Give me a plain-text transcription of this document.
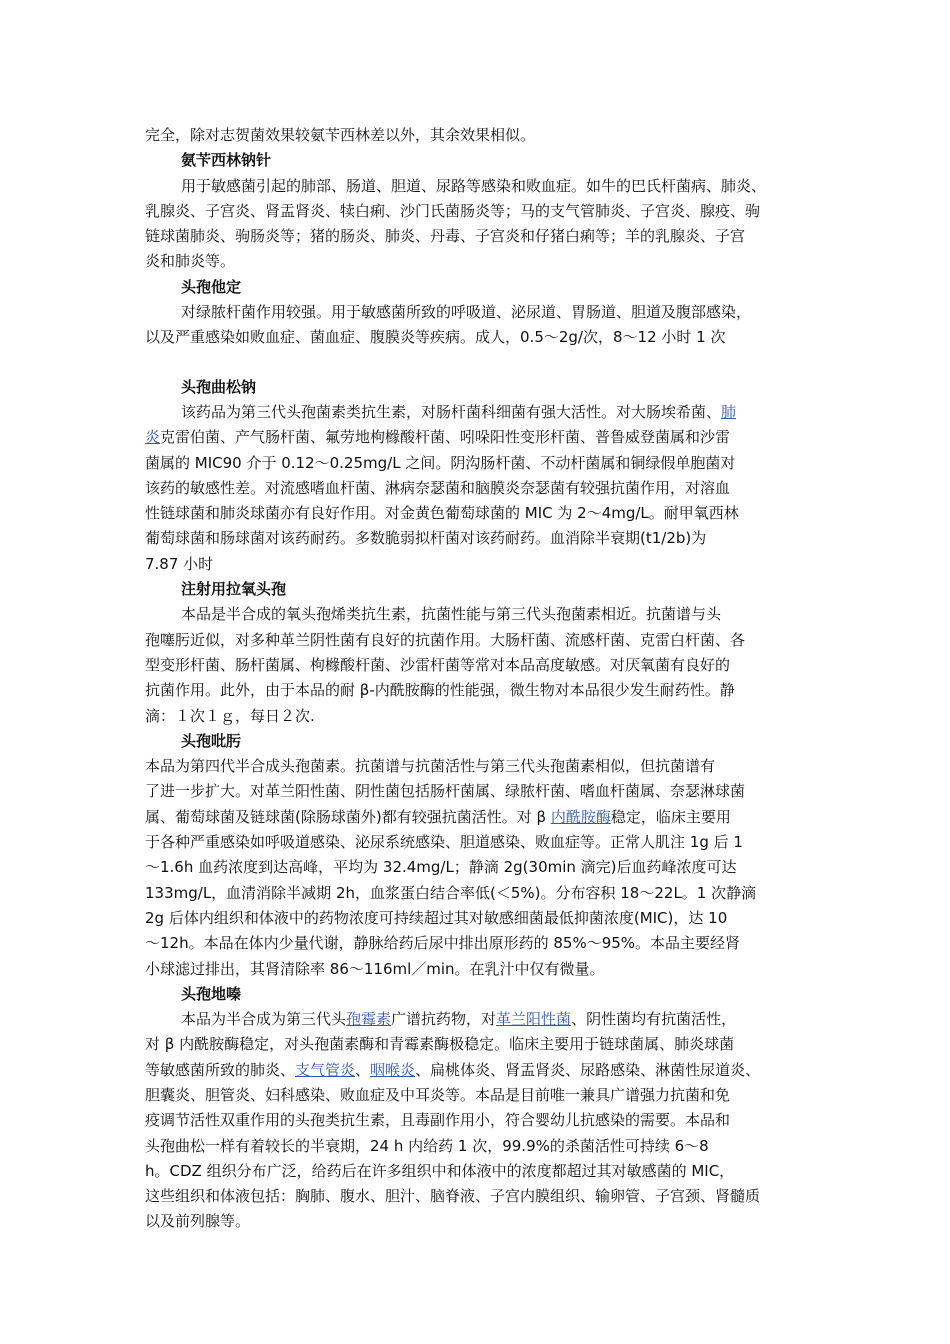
完全，除对志贺菌效果较氨苄西林差以外，其余效果相似。
氨苄西林钠针
用于敏感菌引起的肺部、肠道、胆道、尿路等感染和败血症。如牛的巴氏杆菌病、肺炎、
乳腺炎、子宫炎、肾盂肾炎、犊白痢、沙门氏菌肠炎等；马的支气管肺炎、子宫炎、腺疫、驹
链球菌肺炎、驹肠炎等；猪的肠炎、肺炎、丹毒、子宫炎和仔猪白痢等；羊的乳腺炎、子宫
炎和肺炎等。
头孢他定
对绿脓杆菌作用较强。用于敏感菌所致的呼吸道、泌尿道、胃肠道、胆道及腹部感染，
以及严重感染如败血症、菌血症、腹膜炎等疾病。成人，0.5～2g/次，8～12 小时 1 次
头孢曲松钠
该药品为第三代头孢菌素类抗生素，对肠杆菌科细菌有强大活性。对大肠埃希菌、肺
炎克雷伯菌、产气肠杆菌、氟劳地枸橼酸杆菌、吲哚阳性变形杆菌、普鲁威登菌属和沙雷
菌属的 MIC90 介于 0.12～0.25mg/L 之间。阴沟肠杆菌、不动杆菌属和铜绿假单胞菌对
该药的敏感性差。对流感嗜血杆菌、淋病奈瑟菌和脑膜炎奈瑟菌有较强抗菌作用，对溶血
性链球菌和肺炎球菌亦有良好作用。对金黄色葡萄球菌的 MIC 为 2～4mg/L。耐甲氧西林
葡萄球菌和肠球菌对该药耐药。多数脆弱拟杆菌对该药耐药。血消除半衰期(t1/2b)为
7.87 小时
注射用拉氧头孢
本品是半合成的氧头孢烯类抗生素，抗菌性能与第三代头孢菌素相近。抗菌谱与头
孢噻肟近似，对多种革兰阴性菌有良好的抗菌作用。大肠杆菌、流感杆菌、克雷白杆菌、各
型变形杆菌、肠杆菌属、枸橼酸杆菌、沙雷杆菌等常对本品高度敏感。对厌氧菌有良好的
抗菌作用。此外，由于本品的耐 β-内酰胺酶的性能强，微生物对本品很少发生耐药性。静
滴：１次１ｇ，每日２次.
头孢吡肟
本品为第四代半合成头孢菌素。抗菌谱与抗菌活性与第三代头孢菌素相似，但抗菌谱有
了进一步扩大。对革兰阳性菌、阴性菌包括肠杆菌属、绿脓杆菌、嗜血杆菌属、奈瑟淋球菌
属、葡萄球菌及链球菌(除肠球菌外)都有较强抗菌活性。对 β 内酰胺酶稳定，临床主要用
于各种严重感染如呼吸道感染、泌尿系统感染、胆道感染、败血症等。正常人肌注 1g 后 1
～1.6h 血药浓度到达高峰，平均为 32.4mg/L；静滴 2g(30min 滴完)后血药峰浓度可达
133mg/L，血清消除半减期 2h，血浆蛋白结合率低(＜5%)。分布容积 18～22L。1 次静滴
2g 后体内组织和体液中的药物浓度可持续超过其对敏感细菌最低抑菌浓度(MIC)，达 10
～12h。本品在体内少量代谢，静脉给药后尿中排出原形药的 85%～95%。本品主要经肾
小球滤过排出，其肾清除率 86～116ml／min。在乳汁中仅有微量。
头孢地嗪
本品为半合成为第三代头孢霉素广谱抗药物，对革兰阳性菌、阴性菌均有抗菌活性，
对 β 内酰胺酶稳定，对头孢菌素酶和青霉素酶极稳定。临床主要用于链球菌属、肺炎球菌
等敏感菌所致的肺炎、支气管炎、咽喉炎、扁桃体炎、肾盂肾炎、尿路感染、淋菌性尿道炎、
胆囊炎、胆管炎、妇科感染、败血症及中耳炎等。本品是目前唯一兼具广谱强力抗菌和免
疫调节活性双重作用的头孢类抗生素，且毒副作用小，符合婴幼儿抗感染的需要。本品和
头孢曲松一样有着较长的半衰期，24 h 内给药 1 次，99.9%的杀菌活性可持续 6～8
h。CDZ 组织分布广泛，给药后在许多组织中和体液中的浓度都超过其对敏感菌的 MIC，
这些组织和体液包括：胸肺、腹水、胆汁、脑脊液、子宫内膜组织、输卵管、子宫颈、肾髓质
以及前列腺等。
